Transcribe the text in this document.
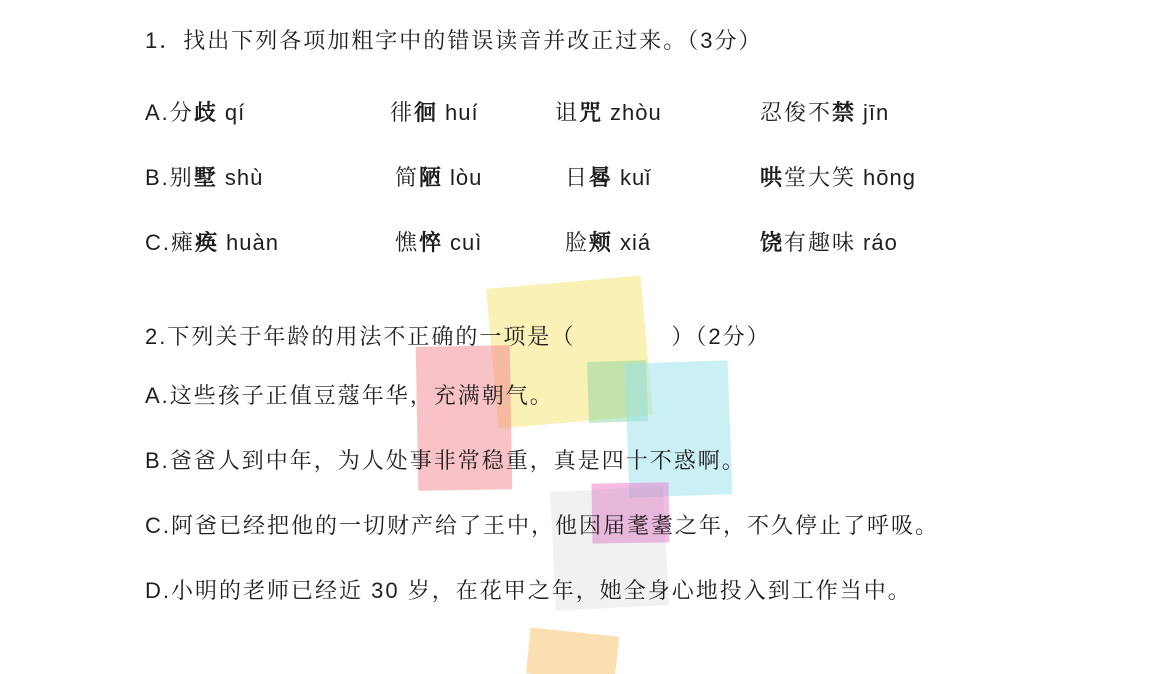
1．找出下列各项加粗字中的错误读音并改正过来。（3分）
A.分歧 qí	徘徊 huí	诅咒 zhòu	忍俊不禁 jīn
B.别墅 shù	简陋 lòu	日晷 kuǐ	哄堂大笑 hōng
C.瘫痪 huàn	憔悴 cuì	脸颊 xiá	饶有趣味 ráo
2.下列关于年龄的用法不正确的一项是（　　　　）（2分）
A.这些孩子正值豆蔻年华，充满朝气。
B.爸爸人到中年，为人处事非常稳重，真是四十不惑啊。
C.阿爸已经把他的一切财产给了王中，他因届耄耋之年，不久停止了呼吸。
D.小明的老师已经近 30 岁，在花甲之年，她全身心地投入到工作当中。
